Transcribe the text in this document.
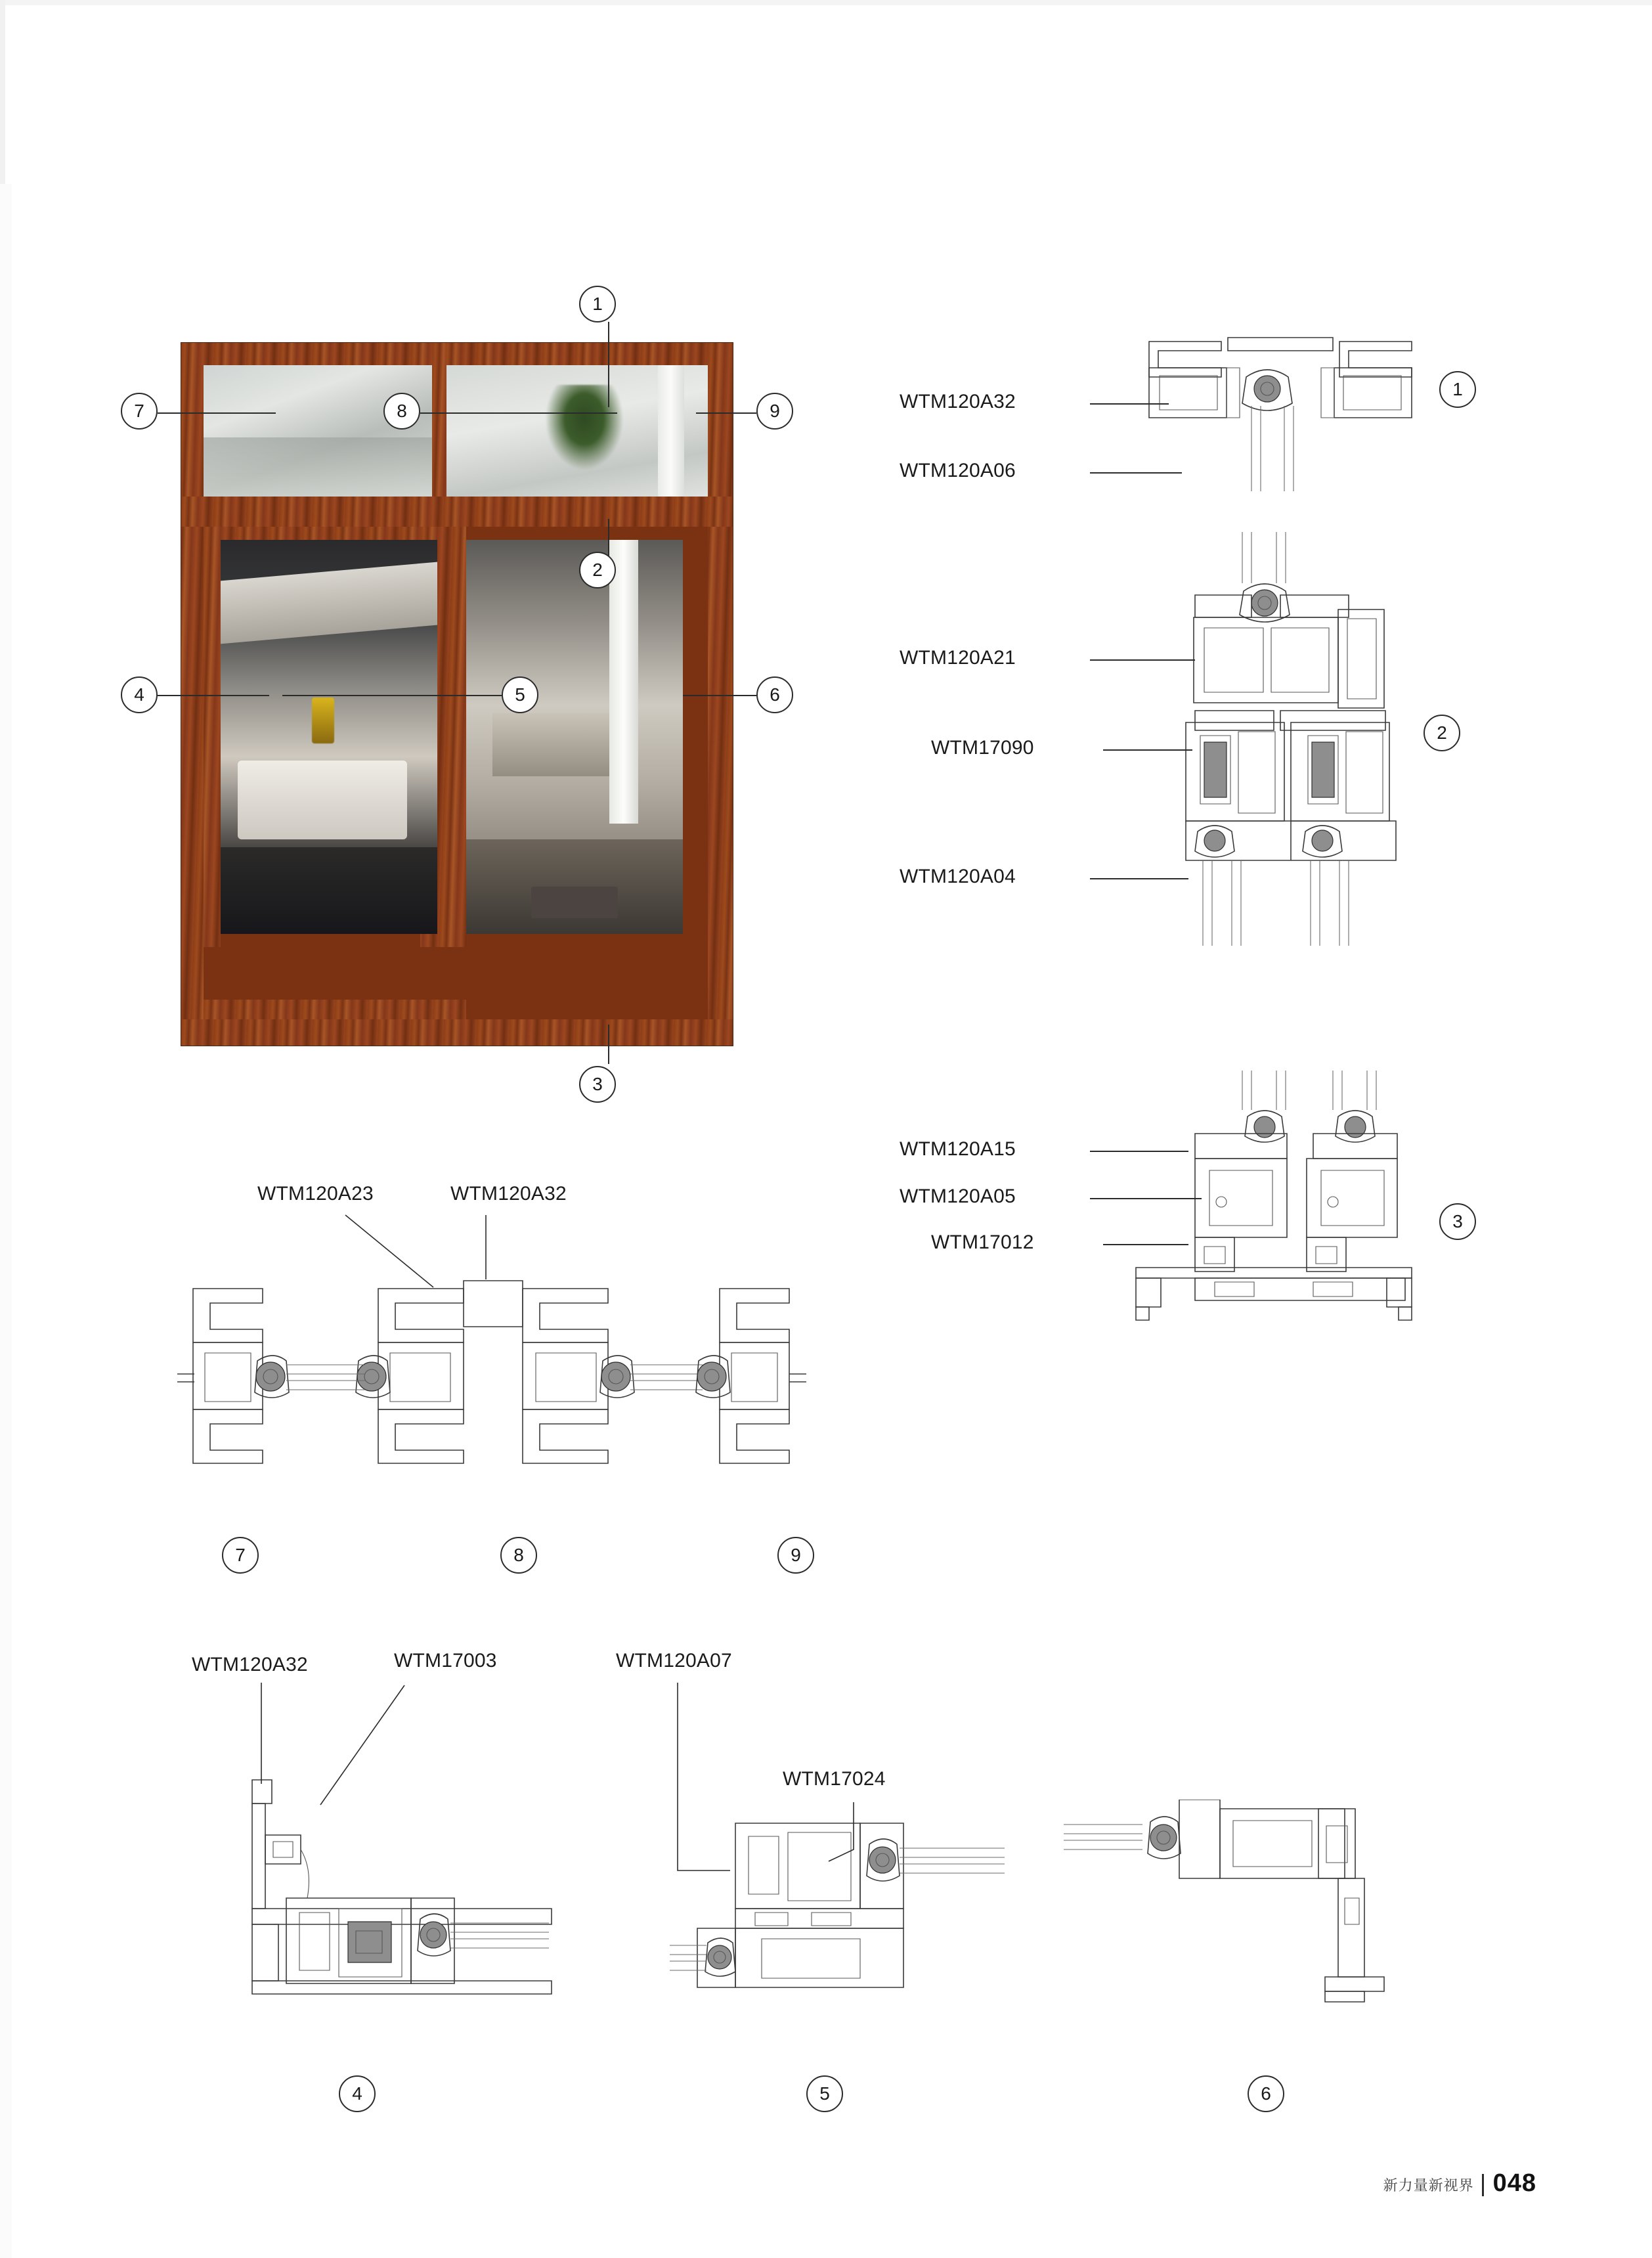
1
2
3
4	5	6
7	8	9	WTM120A32
WTM120A06
1
WTM120A21
WTM17090
WTM120A04
2
WTM120A15
WTM120A05
WTM17012
3
WTM120A23	WTM120A32
7	8	9
WTM120A32	WTM17003
4
WTM120A07
WTM17024
5	6
新力量新视界 048
